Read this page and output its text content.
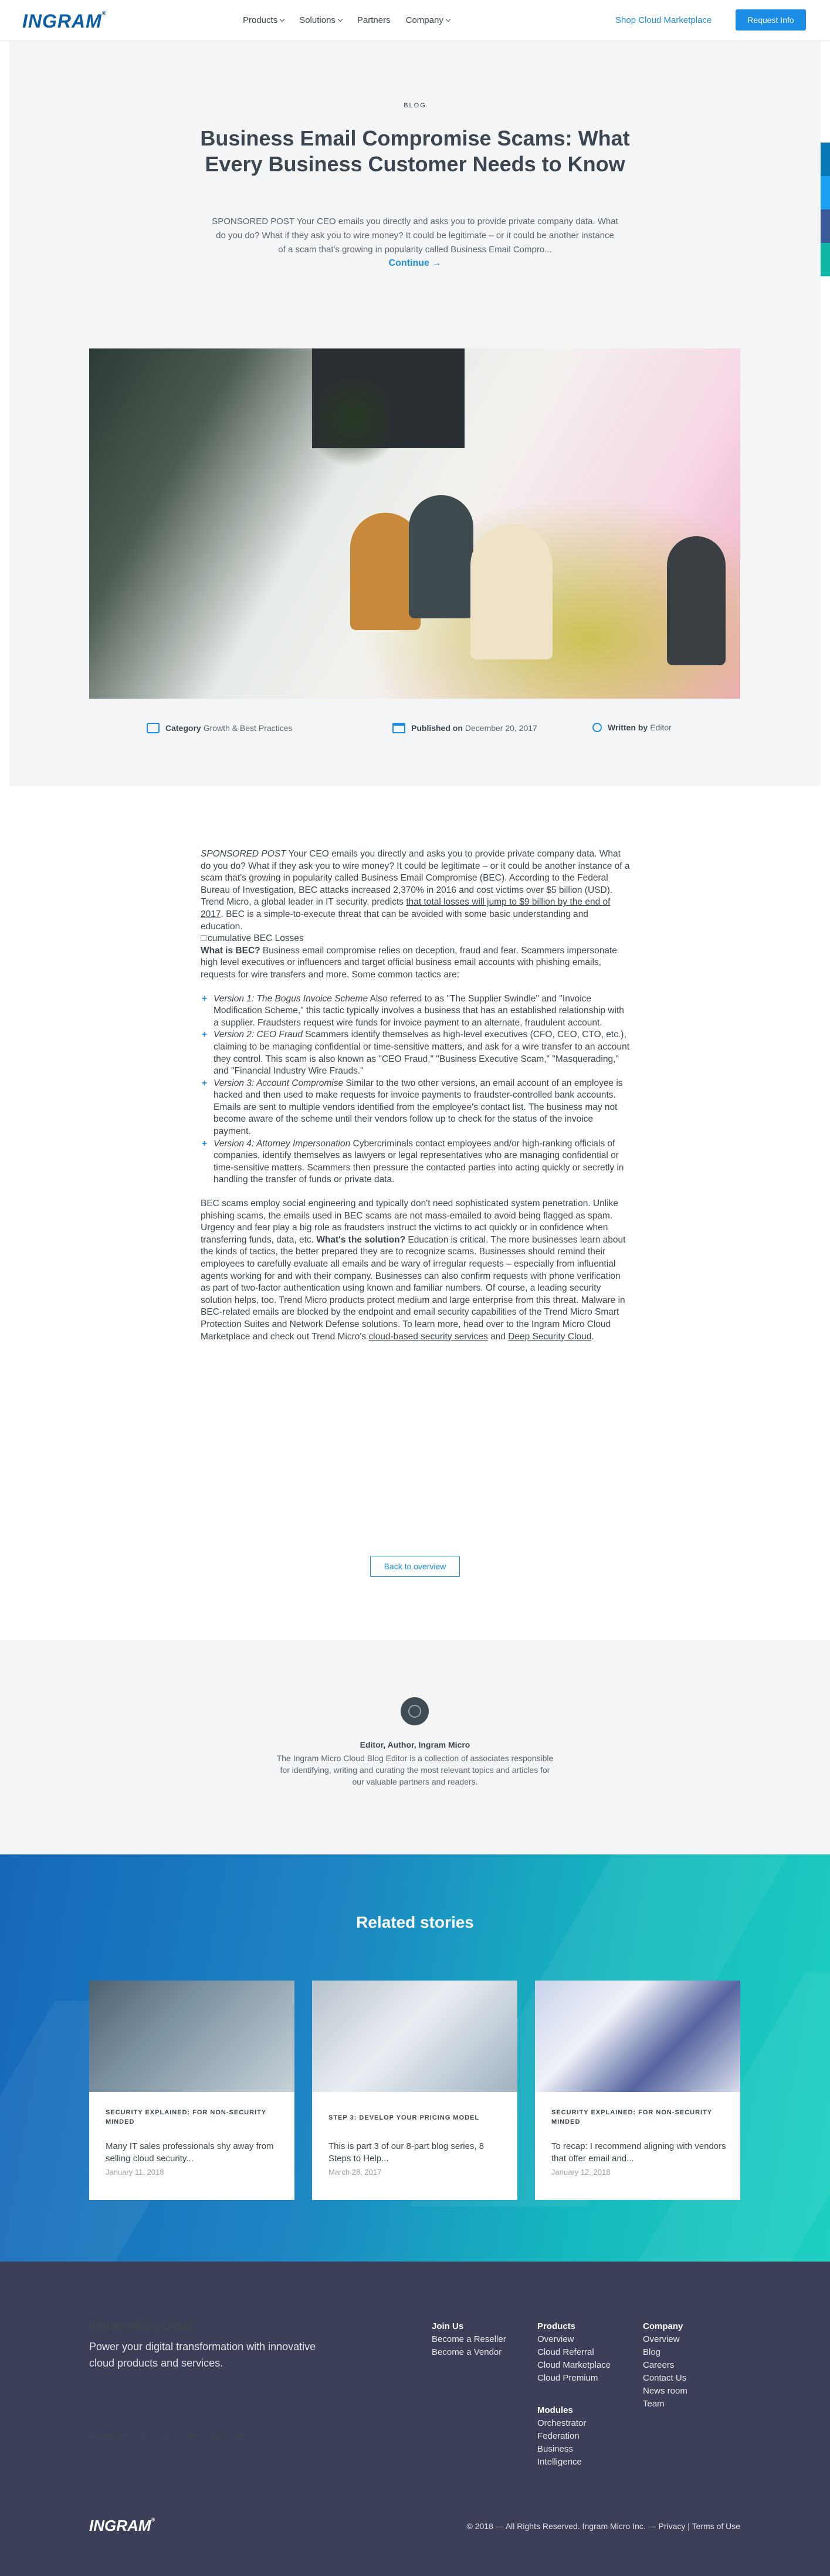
INGRAM®
Products	Solutions	Partners Company	Shop Cloud Marketplace	Request Info
BLOG
Business Email Compromise Scams: What Every Business Customer Needs to Know

SPONSORED POST Your CEO emails you directly and asks you to provide private company data. What do you do? What if they ask you to wire money? It could be legitimate – or it could be another instance of a scam that's growing in popularity called Business Email Compro...

Continue →
Category Growth & Best Practices	Published on December 20, 2017	Written by Editor

SPONSORED POST Your CEO emails you directly and asks you to provide private company data. What do you do? What if they ask you to wire money? It could be legitimate – or it could be another instance of a scam that's growing in popularity called Business Email Compromise (BEC). According to the Federal Bureau of Investigation, BEC attacks increased 2,370% in 2016 and cost victims over $5 billion (USD). Trend Micro, a global leader in IT security, predicts that total losses will jump to $9 billion by the end of 2017. BEC is a simple-to-execute threat that can be avoided with some basic understanding and education.

cumulative BEC Losses

What is BEC? Business email compromise relies on deception, fraud and fear. Scammers impersonate high level executives or influencers and target official business email accounts with phishing emails, requests for wire transfers and more. Some common tactics are:

+ Version 1: The Bogus Invoice Scheme Also referred to as "The Supplier Swindle" and "Invoice Modification Scheme," this tactic typically involves a business that has an established relationship with a supplier. Fraudsters request wire funds for invoice payment to an alternate, fraudulent account.
+ Version 2: CEO Fraud Scammers identify themselves as high-level executives (CFO, CEO, CTO, etc.), claiming to be managing confidential or time-sensitive matters, and ask for a wire transfer to an account they control. This scam is also known as "CEO Fraud," "Business Executive Scam," "Masquerading," and "Financial Industry Wire Frauds."
+ Version 3: Account Compromise Similar to the two other versions, an email account of an employee is hacked and then used to make requests for invoice payments to fraudster-controlled bank accounts. Emails are sent to multiple vendors identified from the employee's contact list. The business may not become aware of the scheme until their vendors follow up to check for the status of the invoice payment.
+ Version 4: Attorney Impersonation Cybercriminals contact employees and/or high-ranking officials of companies, identify themselves as lawyers or legal representatives who are managing confidential or time-sensitive matters. Scammers then pressure the contacted parties into acting quickly or secretly in handling the transfer of funds or private data.

BEC scams employ social engineering and typically don't need sophisticated system penetration. Unlike phishing scams, the emails used in BEC scams are not mass-emailed to avoid being flagged as spam. Urgency and fear play a big role as fraudsters instruct the victims to act quickly or in confidence when transferring funds, data, etc. What's the solution? Education is critical. The more businesses learn about the kinds of tactics, the better prepared they are to recognize scams. Businesses should remind their employees to carefully evaluate all emails and be wary of irregular requests – especially from influential agents working for and with their company. Businesses can also confirm requests with phone verification as part of two-factor authentication using known and familiar numbers. Of course, a leading security solution helps, too. Trend Micro products protect medium and large enterprise from this threat. Malware in BEC-related emails are blocked by the endpoint and email security capabilities of the Trend Micro Smart Protection Suites and Network Defense solutions. To learn more, head over to the Ingram Micro Cloud Marketplace and check out Trend Micro's cloud-based security services and Deep Security Cloud.

Back to overview
Editor, Author, Ingram Micro

The Ingram Micro Cloud Blog Editor is a collection of associates responsible for identifying, writing and curating the most relevant topics and articles for our valuable partners and readers.

Related stories
SECURITY EXPLAINED: FOR NON-SECURITY MINDED
Many IT sales professionals shy away from selling cloud security...
January 11, 2018
STEP 3: DEVELOP YOUR PRICING MODEL
This is part 3 of our 8-part blog series, 8 Steps to Help...
March 28, 2017
SECURITY EXPLAINED: FOR NON-SECURITY MINDED
To recap: I recommend aligning with vendors that offer email and...
January 12, 2018
Ingram Micro Cloud

Power your digital transformation with innovative cloud products and services.

Join Us
Become a Reseller
Become a Vendor
Products
Overview
Cloud Referral
Cloud Marketplace
Cloud Premium
Modules
Orchestrator
Federation
Business
Intelligence
Company
Overview
Blog
Careers
Contact Us
News room
Team
Follow us	f	t	in g+ yt
INGRAM®
© 2018 — All Rights Reserved. Ingram Micro Inc. — Privacy | Terms of Use
